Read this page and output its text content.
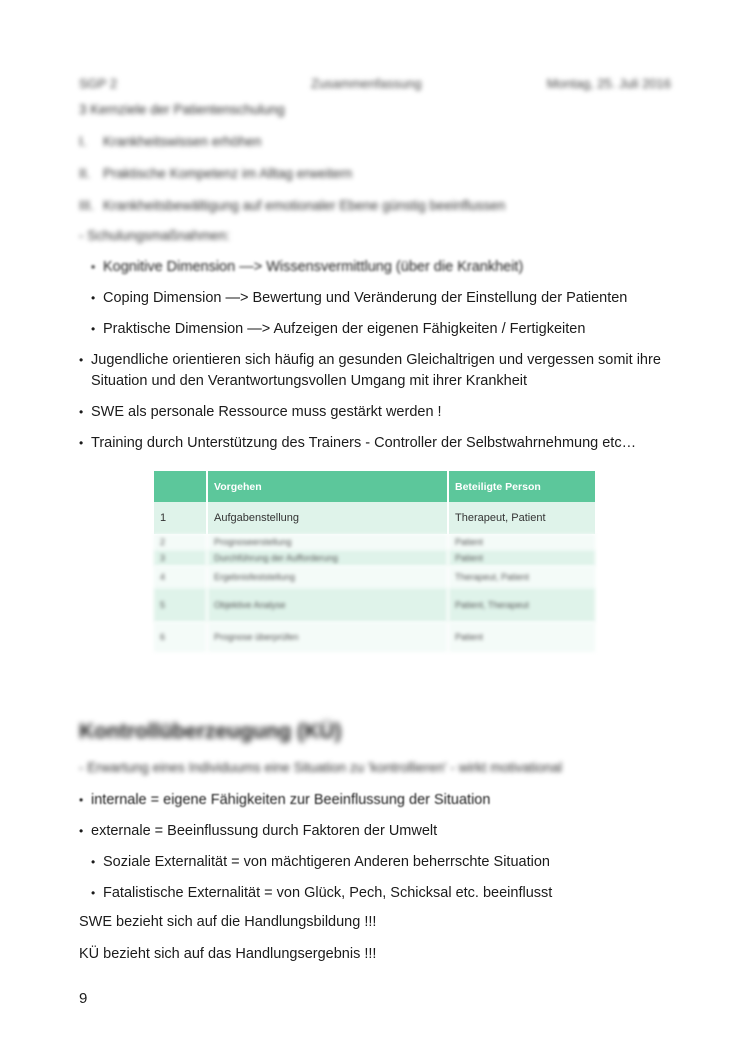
SGP 2	Zusammenfassung	Montag, 25. Juli 2016
3 Kernziele der Patientenschulung
I. Krankheitswissen erhöhen
II. Praktische Kompetenz im Alltag erweitern
III. Krankheitsbewältigung auf emotionaler Ebene günstig beeinflussen
- Schulungsmaßnahmen:
• Kognitive Dimension —> Wissensvermittlung (über die Krankheit)
• Coping Dimension —> Bewertung und Veränderung der Einstellung der Patienten
• Praktische Dimension —> Aufzeigen der eigenen Fähigkeiten / Fertigkeiten
• Jugendliche orientieren sich häufig an gesunden Gleichaltrigen und vergessen somit ihre Situation und den Verantwortungsvollen Umgang mit ihrer Krankheit
• SWE als personale Ressource muss gestärkt werden !
• Training durch Unterstützung des Trainers - Controller der Selbstwahrnehmung etc…
	Vorgehen	Beteiligte Person
1	Aufgabenstellung	Therapeut, Patient
2	Prognoseerstellung	Patient
3	Durchführung der Aufforderung	Patient
4	Ergebnisfeststellung	Therapeut, Patient
5	Objektive Analyse	Patient, Therapeut
6	Prognose überprüfen	Patient
Kontrollüberzeugung (KÜ)
- Erwartung eines Individuums eine Situation zu 'kontrollieren' - wirkt motivational
• internale = eigene Fähigkeiten zur Beeinflussung der Situation
• externale = Beeinflussung durch Faktoren der Umwelt
• Soziale Externalität = von mächtigeren Anderen beherrschte Situation
• Fatalistische Externalität = von Glück, Pech, Schicksal etc. beeinflusst
SWE bezieht sich auf die Handlungsbildung !!!
KÜ bezieht sich auf das Handlungsergebnis !!!
9
